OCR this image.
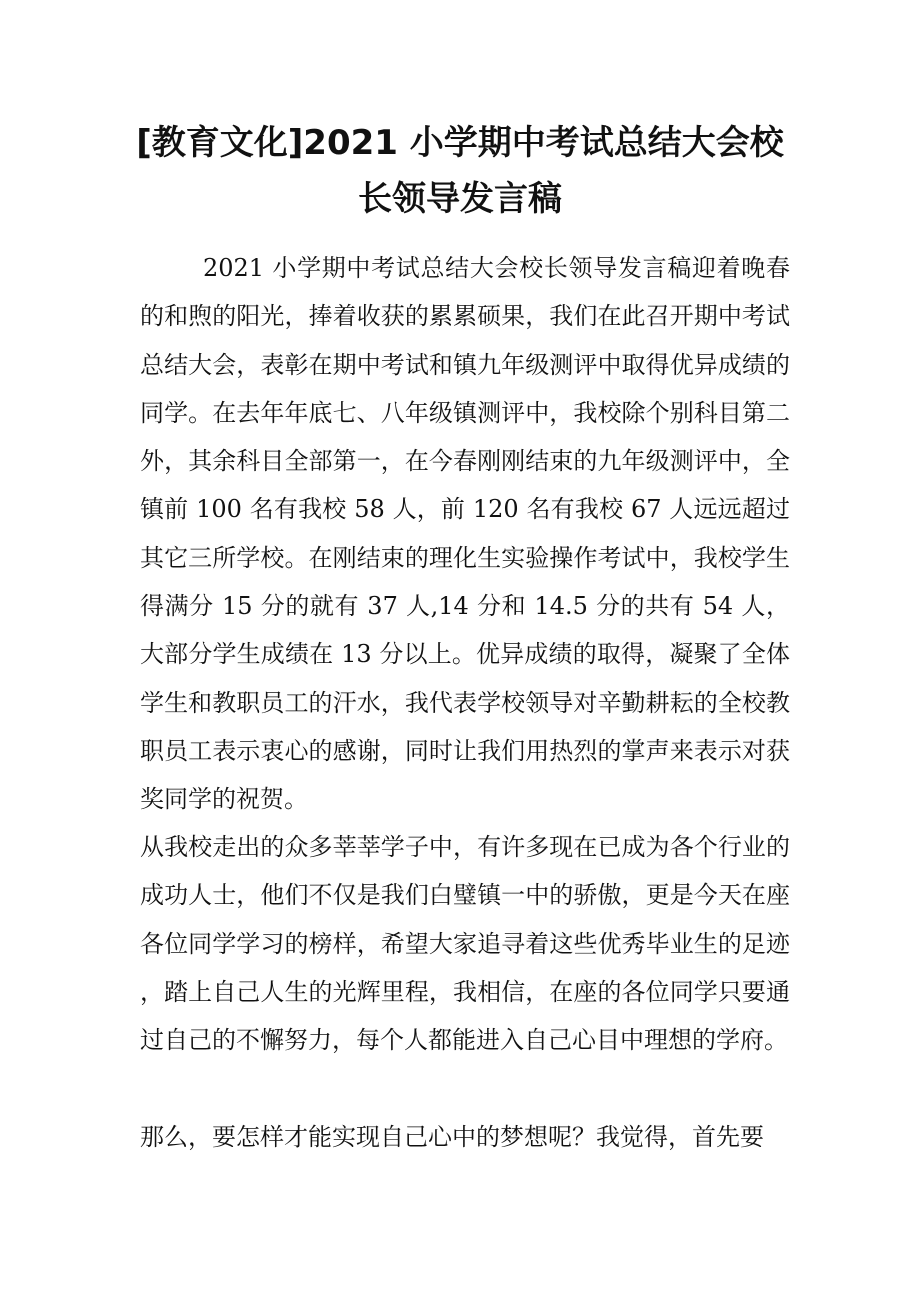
[教育文化]2021 小学期中考试总结大会校
长领导发言稿
2021 小学期中考试总结大会校长领导发言稿迎着晚春的和煦的阳光，捧着收获的累累硕果，我们在此召开期中考试总结大会，表彰在期中考试和镇九年级测评中取得优异成绩的同学。在去年年底七、八年级镇测评中，我校除个别科目第二外，其余科目全部第一，在今春刚刚结束的九年级测评中，全镇前 100 名有我校 58 人，前 120 名有我校 67 人远远超过其它三所学校。在刚结束的理化生实验操作考试中，我校学生得满分 15 分的就有 37 人,14 分和 14.5 分的共有 54 人，大部分学生成绩在 13 分以上。优异成绩的取得，凝聚了全体学生和教职员工的汗水，我代表学校领导对辛勤耕耘的全校教职员工表示衷心的感谢，同时让我们用热烈的掌声来表示对获奖同学的祝贺。
从我校走出的众多莘莘学子中，有许多现在已成为各个行业的成功人士，他们不仅是我们白璧镇一中的骄傲，更是今天在座各位同学学习的榜样，希望大家追寻着这些优秀毕业生的足迹，踏上自己人生的光辉里程，我相信，在座的各位同学只要通过自己的不懈努力，每个人都能进入自己心目中理想的学府。
那么，要怎样才能实现自己心中的梦想呢？我觉得，首先要
